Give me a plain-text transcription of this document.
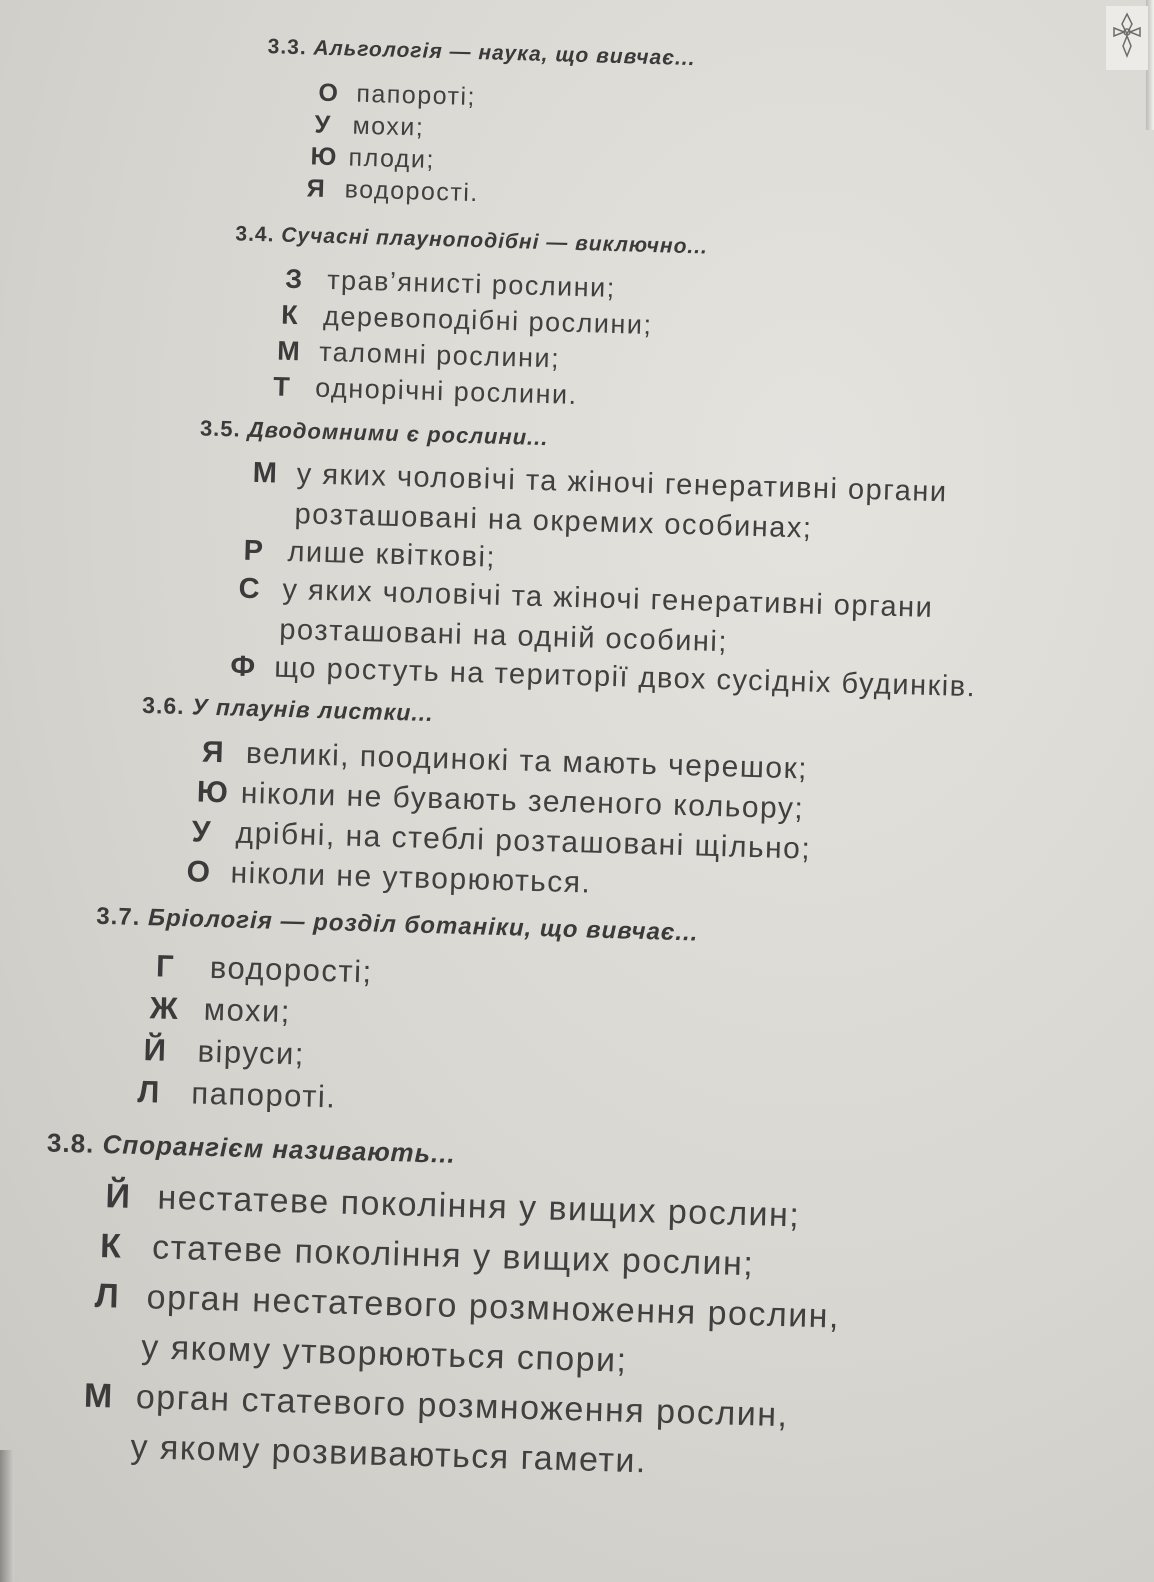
3.3. Альгологія — наука, що вивчає...
О папороті;
У мохи;
Ю плоди;
Я водорості.
3.4. Сучасні плауноподібні — виключно...
З трав’янисті рослини;
К деревоподібні рослини;
М таломні рослини;
Т однорічні рослини.
3.5. Дводомними є рослини...
М у яких чоловічі та жіночі генеративні органи
розташовані на окремих особинах;
Р лише квіткові;
С у яких чоловічі та жіночі генеративні органи
розташовані на одній особині;
Ф що ростуть на території двох сусідніх будинків.
3.6. У плаунів листки...
Я великі, поодинокі та мають черешок;
Ю ніколи не бувають зеленого кольору;
У дрібні, на стеблі розташовані щільно;
О ніколи не утворюються.
3.7. Бріологія — розділ ботаніки, що вивчає...
Г водорості;
Ж мохи;
Й віруси;
Л папороті.
3.8. Спорангієм називають...
Й нестатеве покоління у вищих рослин;
К статеве покоління у вищих рослин;
Л орган нестатевого розмноження рослин,
у якому утворюються спори;
М орган статевого розмноження рослин,
у якому розвиваються гамети.
